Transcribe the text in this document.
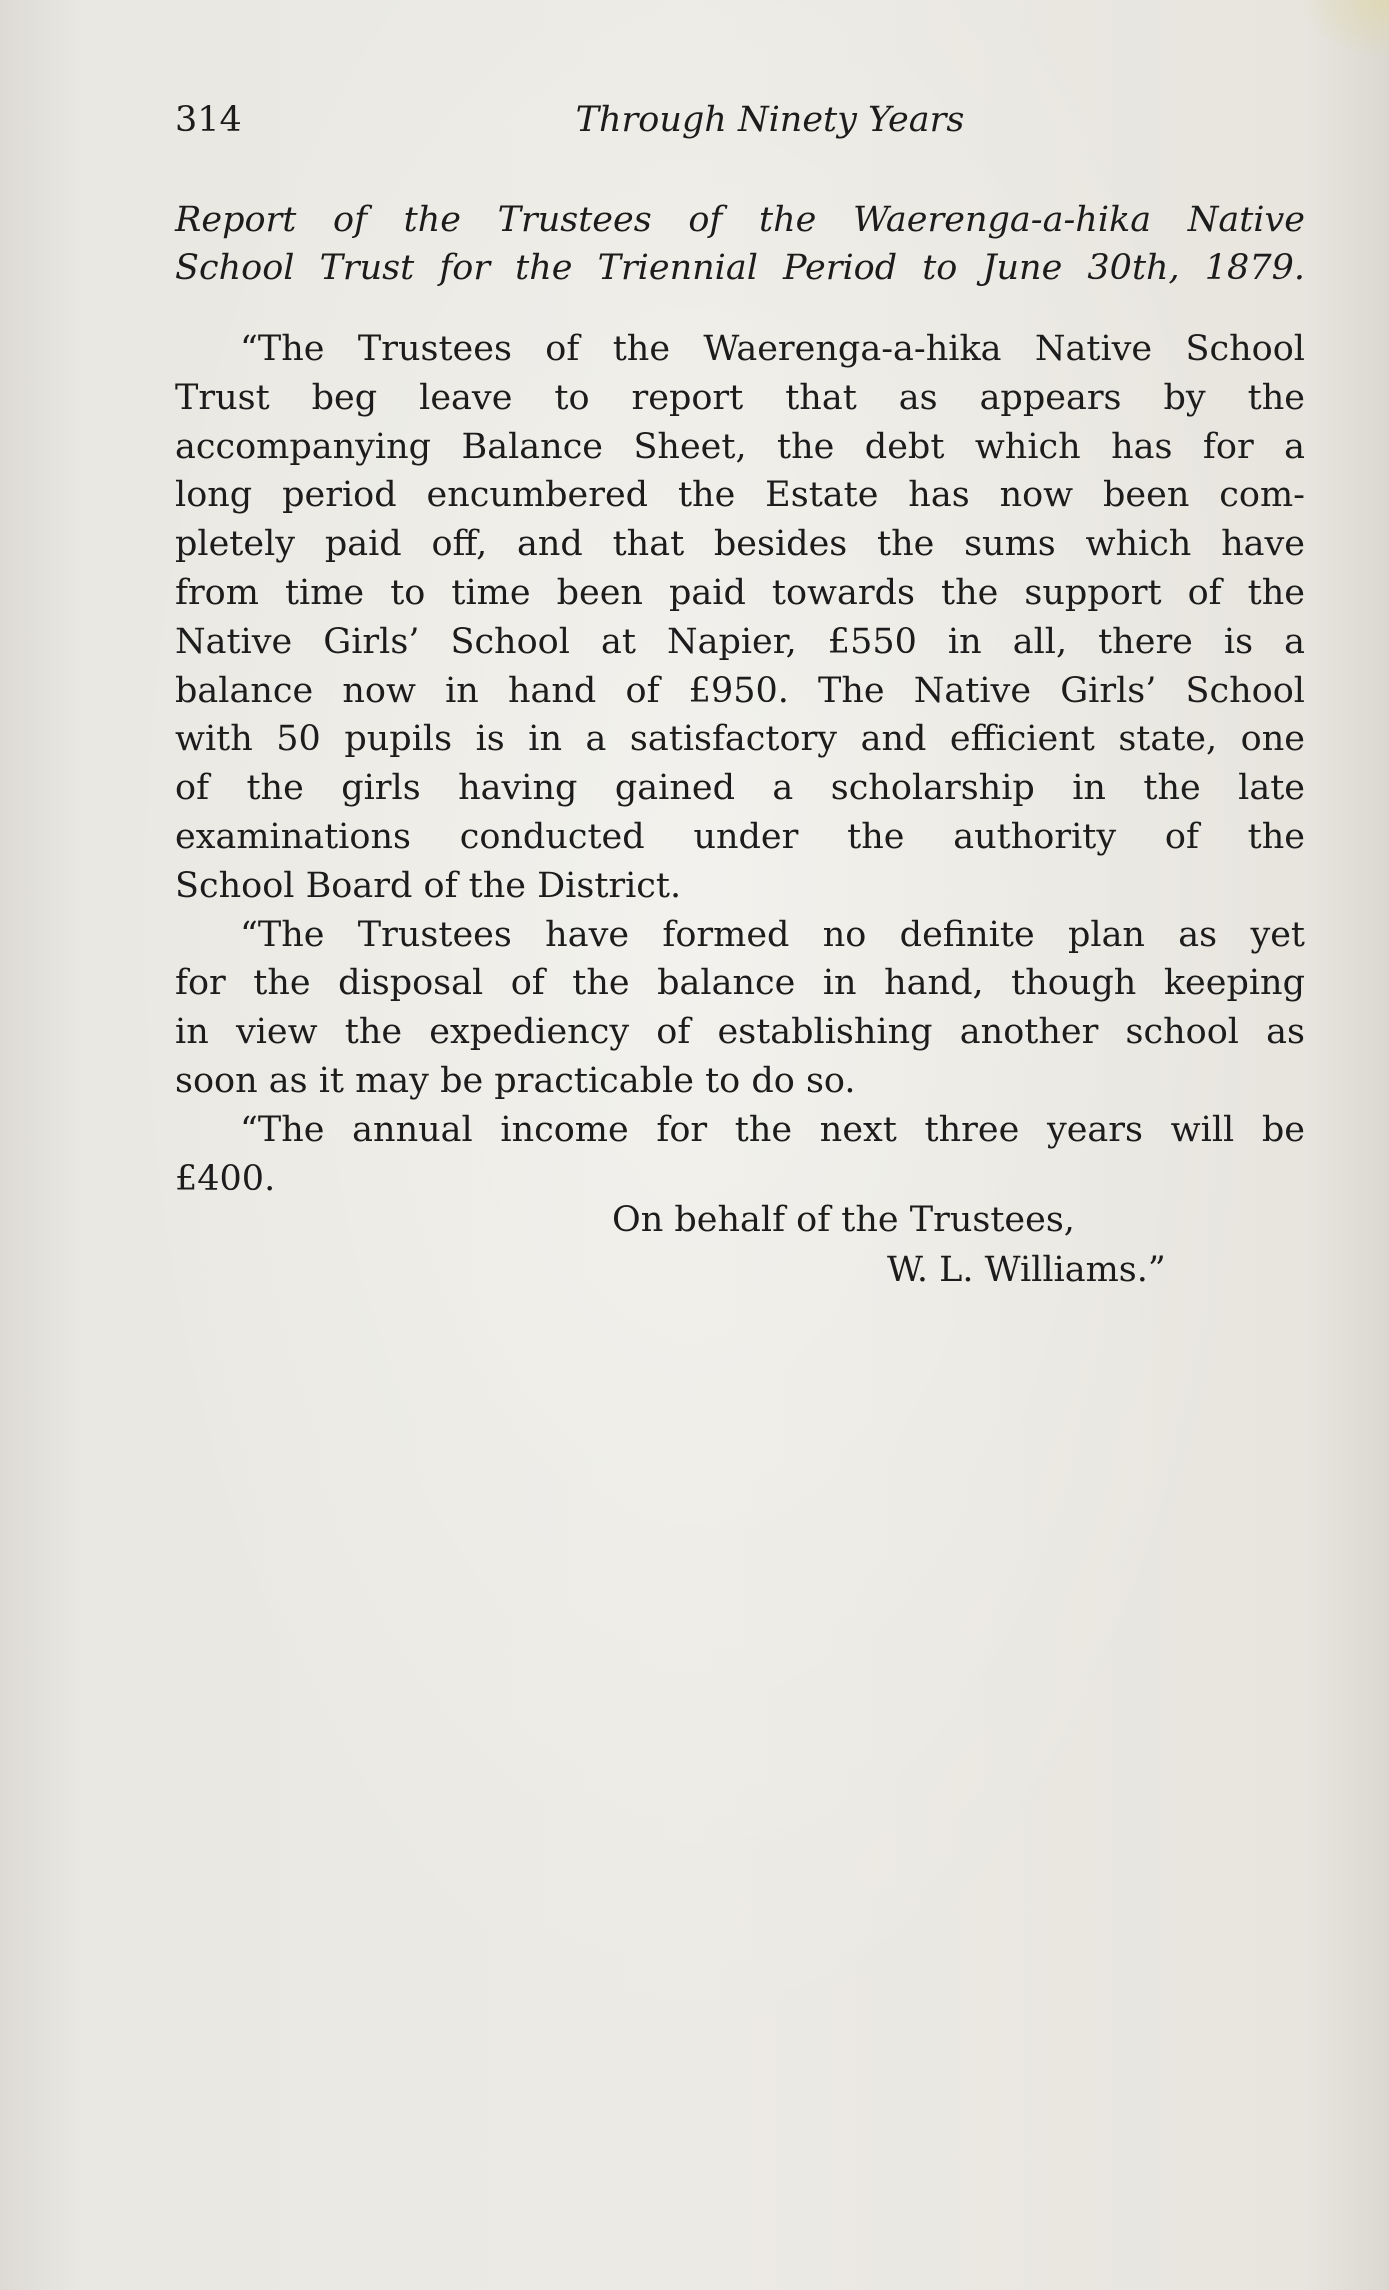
314	Through Ninety Years
Report of the Trustees of the Waerenga-a-hika Native
School Trust for the Triennial Period to June 30th, 1879.
“The Trustees of the Waerenga-a-hika Native School
Trust beg leave to report that as appears by the
accompanying Balance Sheet, the debt which has for a
long period encumbered the Estate has now been com-
pletely paid off, and that besides the sums which have
from time to time been paid towards the support of the
Native Girls’ School at Napier, £550 in all, there is a
balance now in hand of £950. The Native Girls’ School
with 50 pupils is in a satisfactory and efficient state, one
of the girls having gained a scholarship in the late
examinations conducted under the authority of the
School Board of the District.
“The Trustees have formed no definite plan as yet
for the disposal of the balance in hand, though keeping
in view the expediency of establishing another school as
soon as it may be practicable to do so.
“The annual income for the next three years will be
£400.
On behalf of the Trustees,
W. L. Williams.”
